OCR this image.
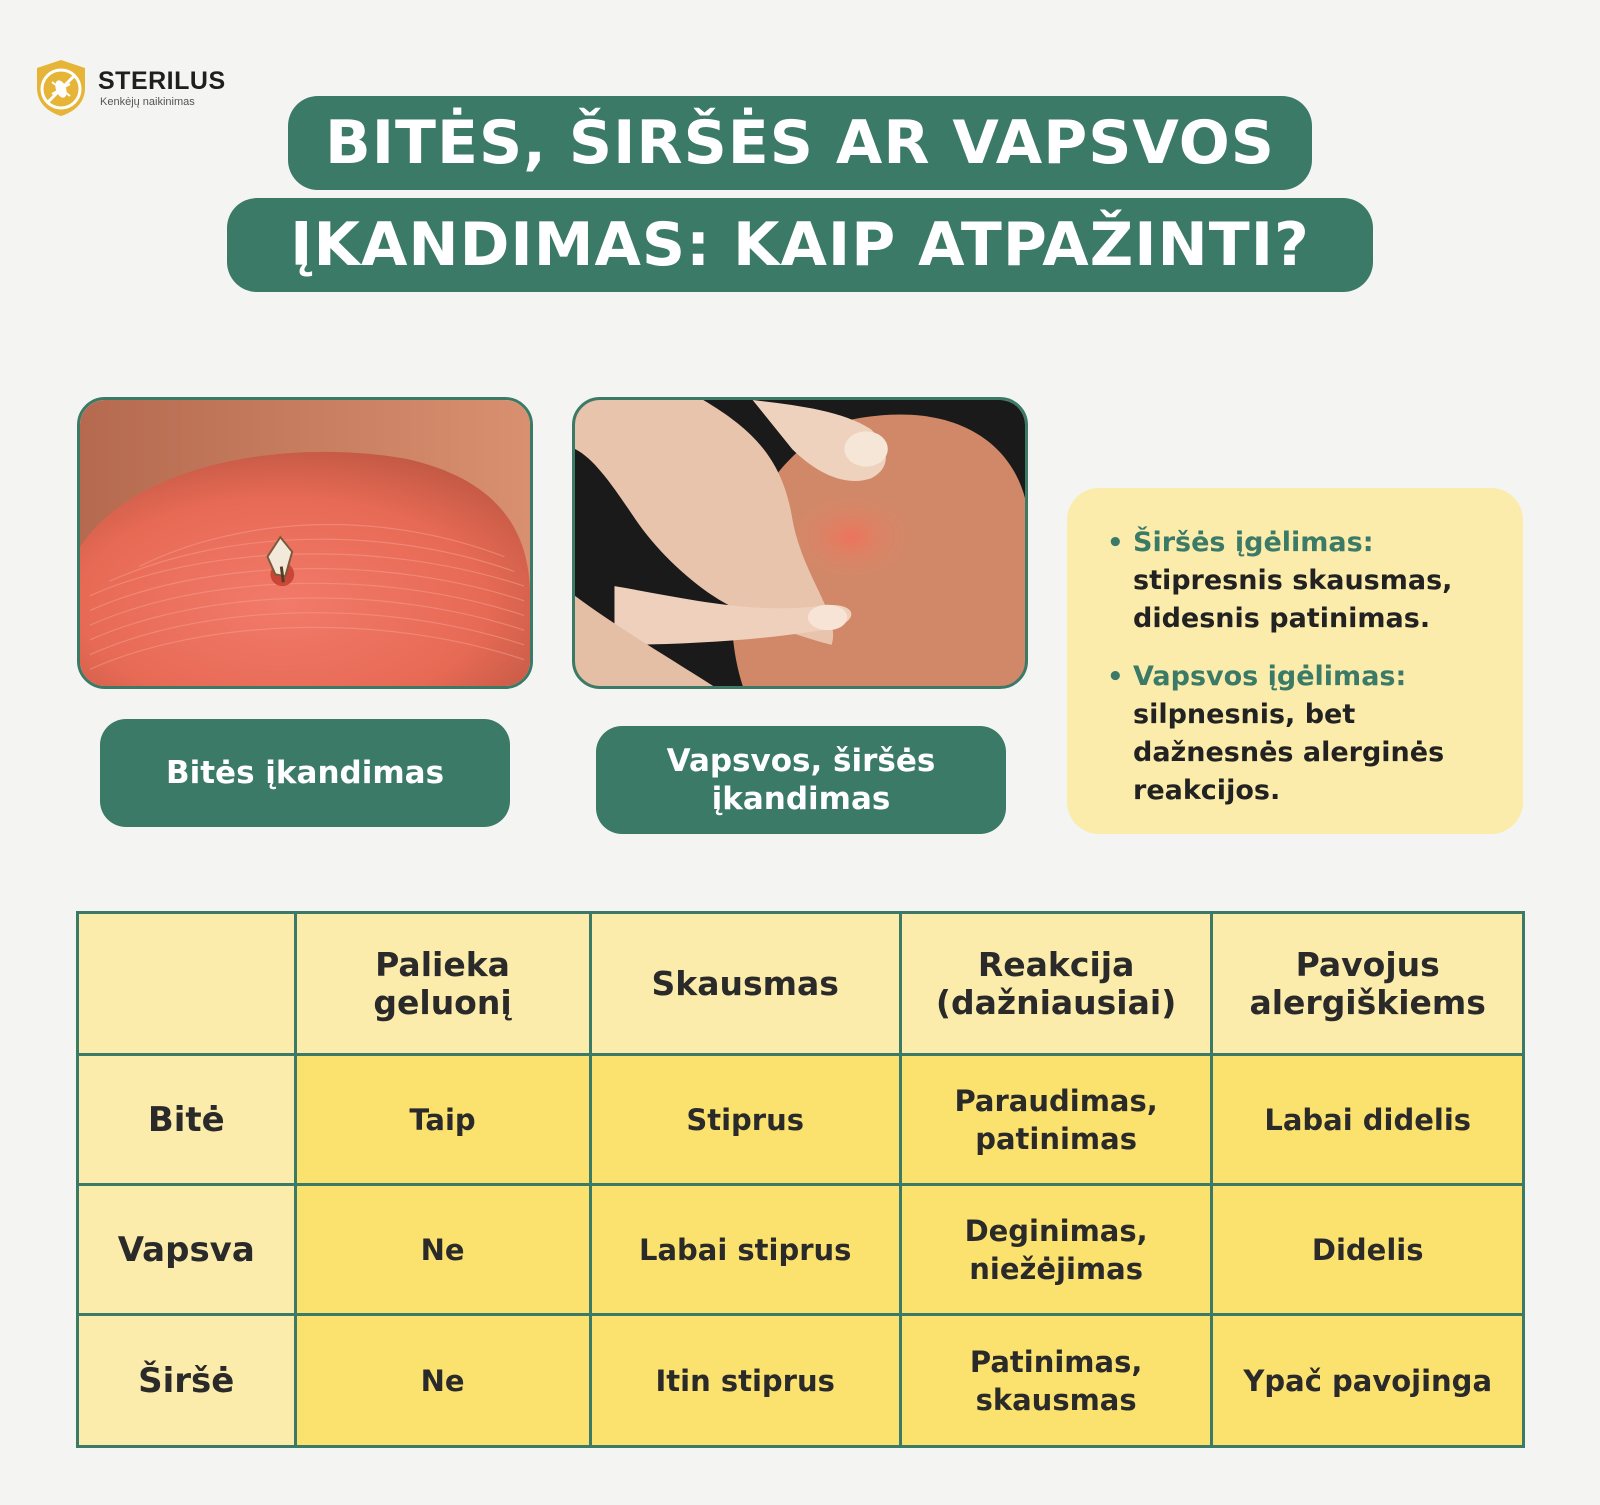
STERILUS
Kenkėjų naikinimas
BITĖS, ŠIRŠĖS AR VAPSVOS
ĮKANDIMAS: KAIP ATPAŽINTI?
Bitės įkandimas	Vapsvos, širšės įkandimas
• Širšės įgėlimas:
stipresnis skausmas, didesnis patinimas.
• Vapsvos įgėlimas:
silpnesnis, bet dažnesnės alerginės reakcijos.
	Palieka geluonį	Skausmas	Reakcija (dažniausiai)	Pavojus alergiškiems
Bitė	Taip	Stiprus	Paraudimas, patinimas	Labai didelis
Vapsva	Ne	Labai stiprus	Deginimas, niežėjimas	Didelis
Širšė	Ne	Itin stiprus	Patinimas, skausmas	Ypač pavojinga
